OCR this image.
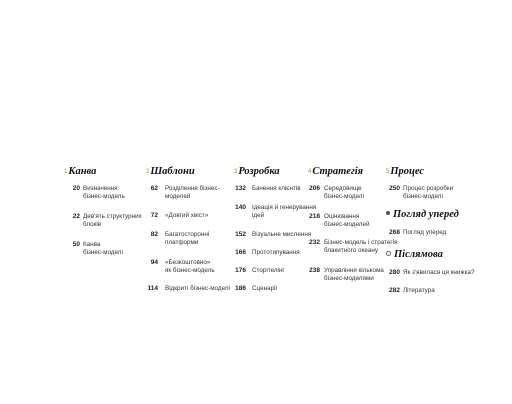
1Канва
20 Визначення:
бізнес-модель
22 Дев'ять структурних
блоків
50 Канва
бізнес-моделі
2Шаблони
62 Розділення бізнес-
моделей
72 «Довгий хвіст»
82 Багатосторонні
платформи
94 «Безкоштовно»
як бізнес-модель
114 Відкриті бізнес-моделі
3Розробка
132 Бачення клієнтів
140 Ідеація й генерування
ідей
152 Візуальне мислення
166 Прототипування
176 Сторітелінг
186 Сценарії
4Стратегія
206 Середовище
бізнес-моделі
218 Оцінювання
бізнес-моделей
232 Бізнес-модель і стратегія
блакитного океану
238 Управління кількома
бізнес-моделями
5Процес
250 Процес розробки
бізнес-моделі
Погляд уперед
268 Погляд уперед
Післямова
280 Як з'явилася ця книжка?
282 Література
